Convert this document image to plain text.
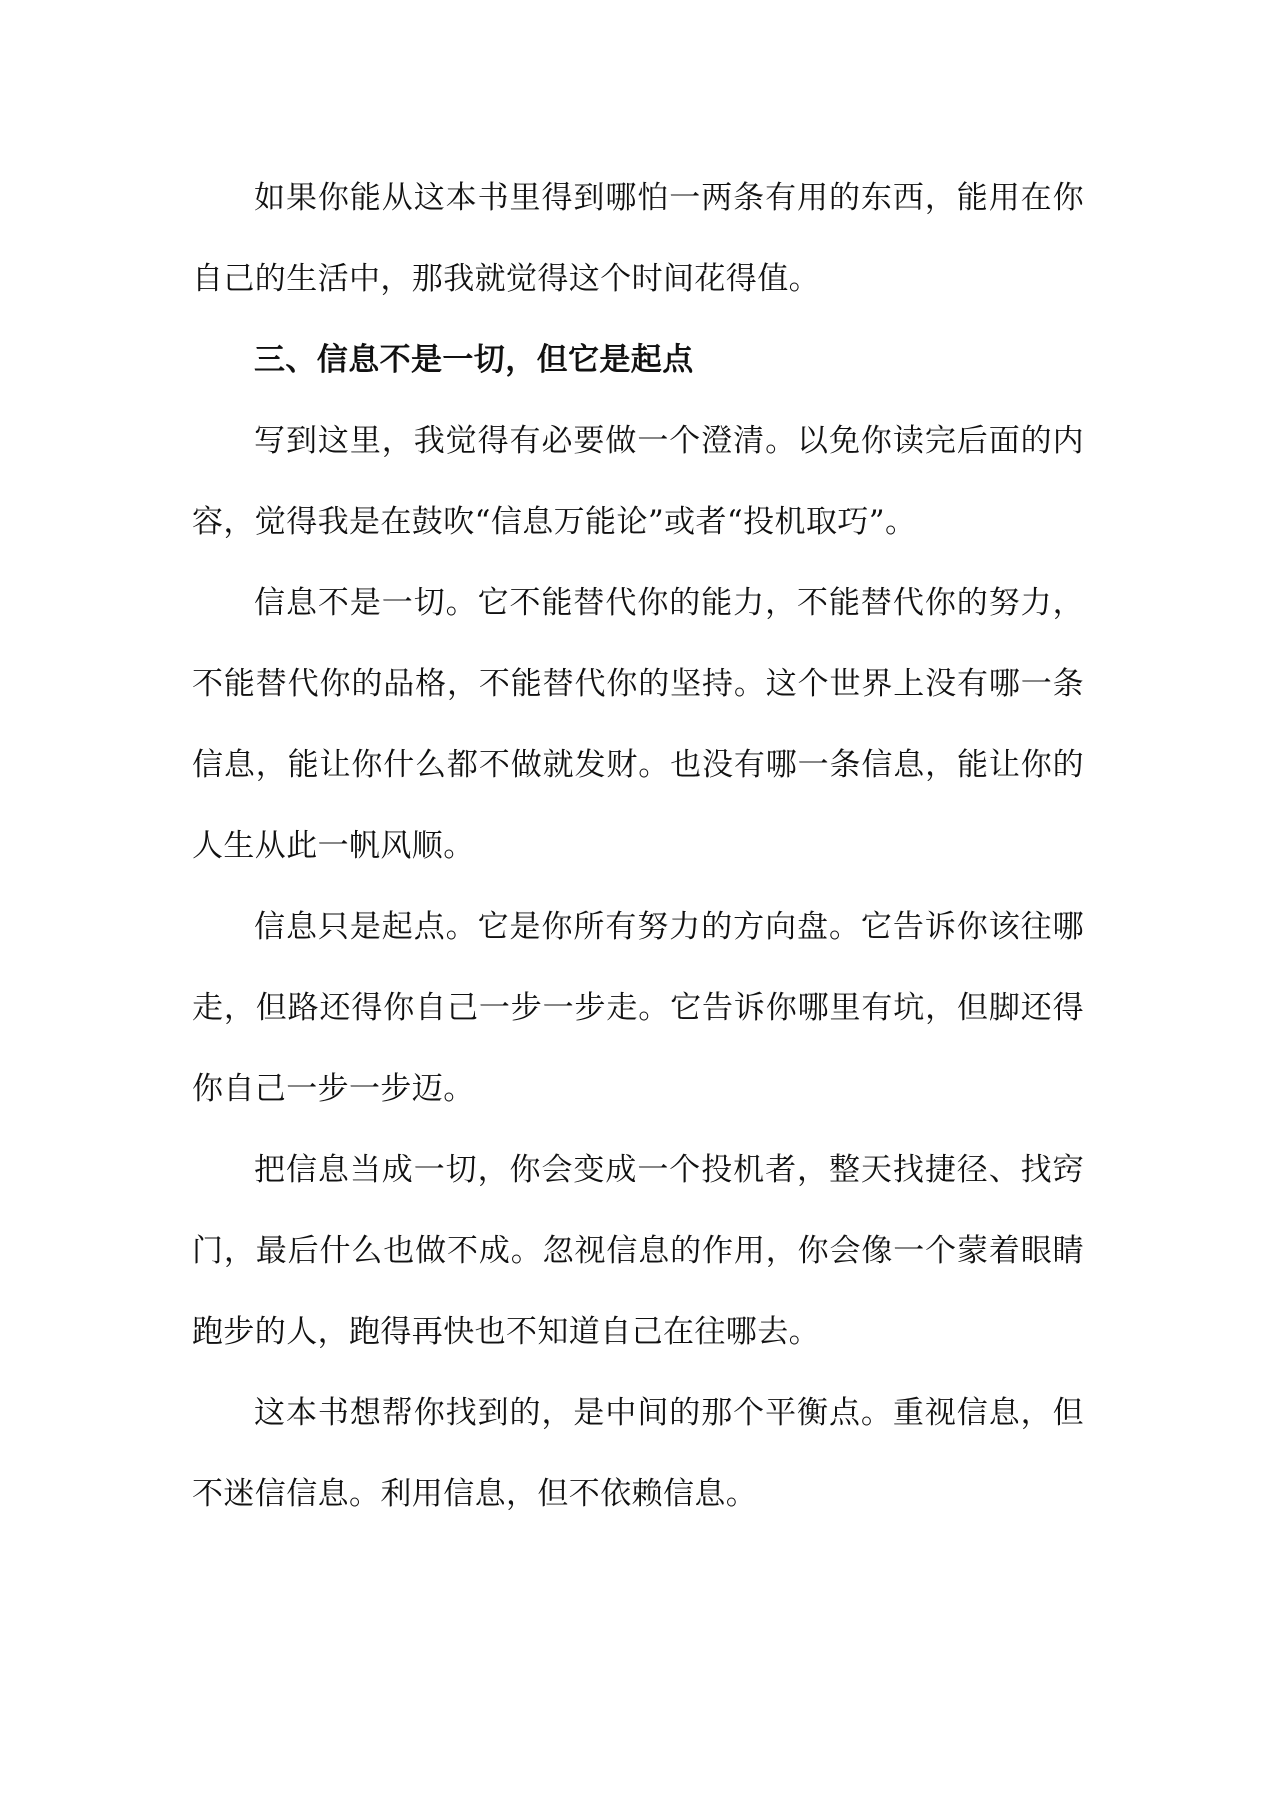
如果你能从这本书里得到哪怕一两条有用的东西，能用在你自己的生活中，那我就觉得这个时间花得值。

三、信息不是一切，但它是起点

写到这里，我觉得有必要做一个澄清。以免你读完后面的内容，觉得我是在鼓吹“信息万能论”或者“投机取巧”。

信息不是一切。它不能替代你的能力，不能替代你的努力，不能替代你的品格，不能替代你的坚持。这个世界上没有哪一条信息，能让你什么都不做就发财。也没有哪一条信息，能让你的人生从此一帆风顺。

信息只是起点。它是你所有努力的方向盘。它告诉你该往哪走，但路还得你自己一步一步走。它告诉你哪里有坑，但脚还得你自己一步一步迈。

把信息当成一切，你会变成一个投机者，整天找捷径、找窍门，最后什么也做不成。忽视信息的作用，你会像一个蒙着眼睛跑步的人，跑得再快也不知道自己在往哪去。

这本书想帮你找到的，是中间的那个平衡点。重视信息，但不迷信信息。利用信息，但不依赖信息。
